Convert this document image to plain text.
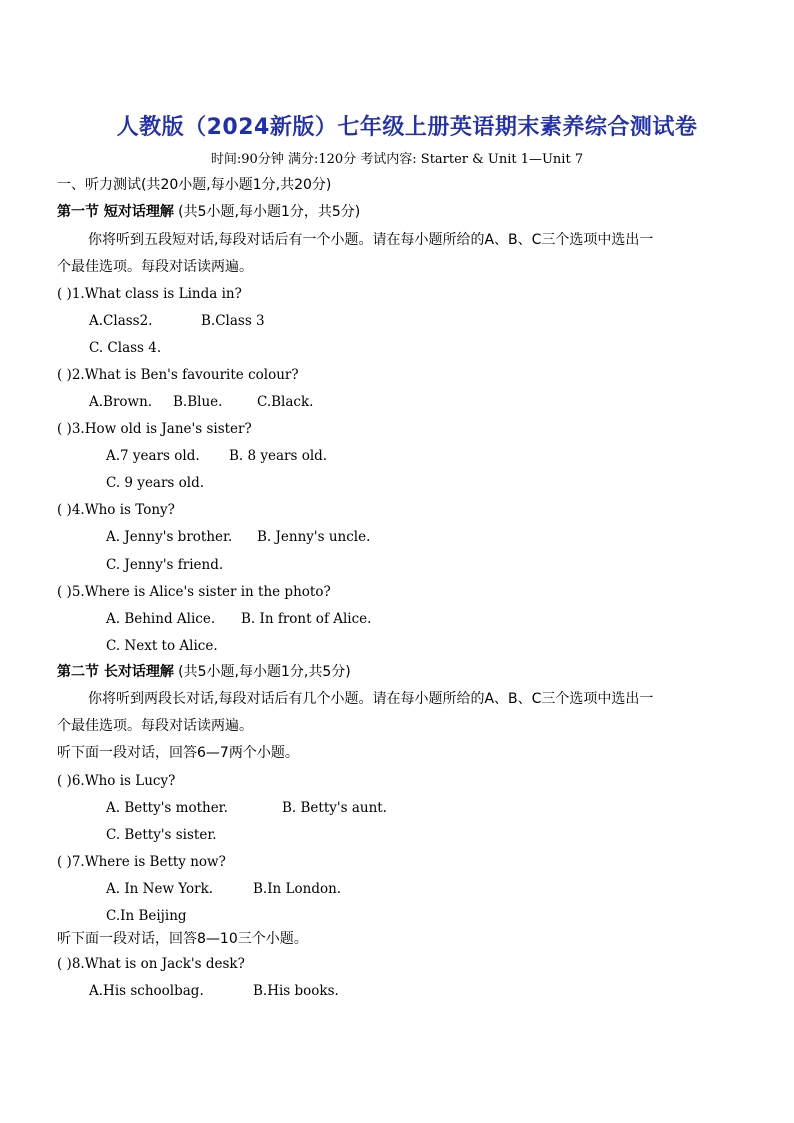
人教版（2024新版）七年级上册英语期末素养综合测试卷
时间:90分钟 满分:120分 考试内容: Starter & Unit 1—Unit 7
一、听力测试(共20小题,每小题1分,共20分)
第一节 短对话理解 (共5小题,每小题1分，共5分)
你将听到五段短对话,每段对话后有一个小题。请在每小题所给的A、B、C三个选项中选出一
个最佳选项。每段对话读两遍。
( )1.What class is Linda in?
A.Class2.	B.Class 3
C. Class 4.
( )2.What is Ben's favourite colour?
A.Brown. B.Blue.	C.Black.
( )3.How old is Jane's sister?
A.7 years old. B. 8 years old.
C. 9 years old.
( )4.Who is Tony?
A. Jenny's brother. B. Jenny's uncle.
C. Jenny's friend.
( )5.Where is Alice's sister in the photo?
A. Behind Alice. B. In front of Alice.
C. Next to Alice.
第二节 长对话理解 (共5小题,每小题1分,共5分)
你将听到两段长对话,每段对话后有几个小题。请在每小题所给的A、B、C三个选项中选出一
个最佳选项。每段对话读两遍。
听下面一段对话，回答6—7两个小题。
( )6.Who is Lucy?
A. Betty's mother.	B. Betty's aunt.
C. Betty's sister.
( )7.Where is Betty now?
A. In New York.	B.In London.
C.In Beijing
听下面一段对话，回答8—10三个小题。
( )8.What is on Jack's desk?
A.His schoolbag.	B.His books.
